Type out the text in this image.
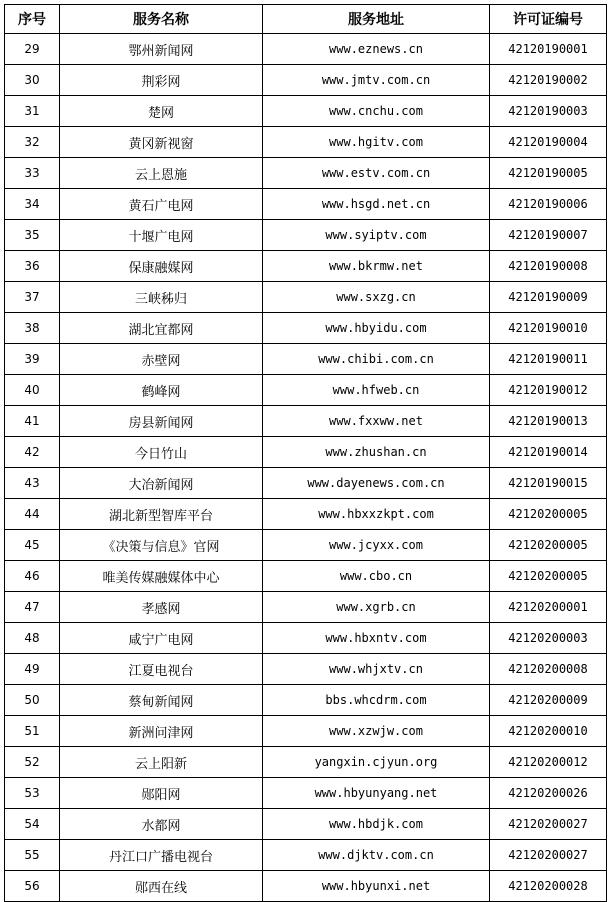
序号	服务名称	服务地址	许可证编号
29	鄂州新闻网	www.eznews.cn	42120190001
30	荆彩网	www.jmtv.com.cn	42120190002
31	楚网	www.cnchu.com	42120190003
32	黄冈新视窗	www.hgitv.com	42120190004
33	云上恩施	www.estv.com.cn	42120190005
34	黄石广电网	www.hsgd.net.cn	42120190006
35	十堰广电网	www.syiptv.com	42120190007
36	保康融媒网	www.bkrmw.net	42120190008
37	三峡秭归	www.sxzg.cn	42120190009
38	湖北宜都网	www.hbyidu.com	42120190010
39	赤壁网	www.chibi.com.cn	42120190011
40	鹤峰网	www.hfweb.cn	42120190012
41	房县新闻网	www.fxxww.net	42120190013
42	今日竹山	www.zhushan.cn	42120190014
43	大冶新闻网	www.dayenews.com.cn	42120190015
44	湖北新型智库平台	www.hbxxzkpt.com	42120200005
45	《决策与信息》官网	www.jcyxx.com	42120200005
46	唯美传媒融媒体中心	www.cbo.cn	42120200005
47	孝感网	www.xgrb.cn	42120200001
48	咸宁广电网	www.hbxntv.com	42120200003
49	江夏电视台	www.whjxtv.cn	42120200008
50	蔡甸新闻网	bbs.whcdrm.com	42120200009
51	新洲问津网	www.xzwjw.com	42120200010
52	云上阳新	yangxin.cjyun.org	42120200012
53	郧阳网	www.hbyunyang.net	42120200026
54	水都网	www.hbdjk.com	42120200027
55	丹江口广播电视台	www.djktv.com.cn	42120200027
56	郧西在线	www.hbyunxi.net	42120200028
